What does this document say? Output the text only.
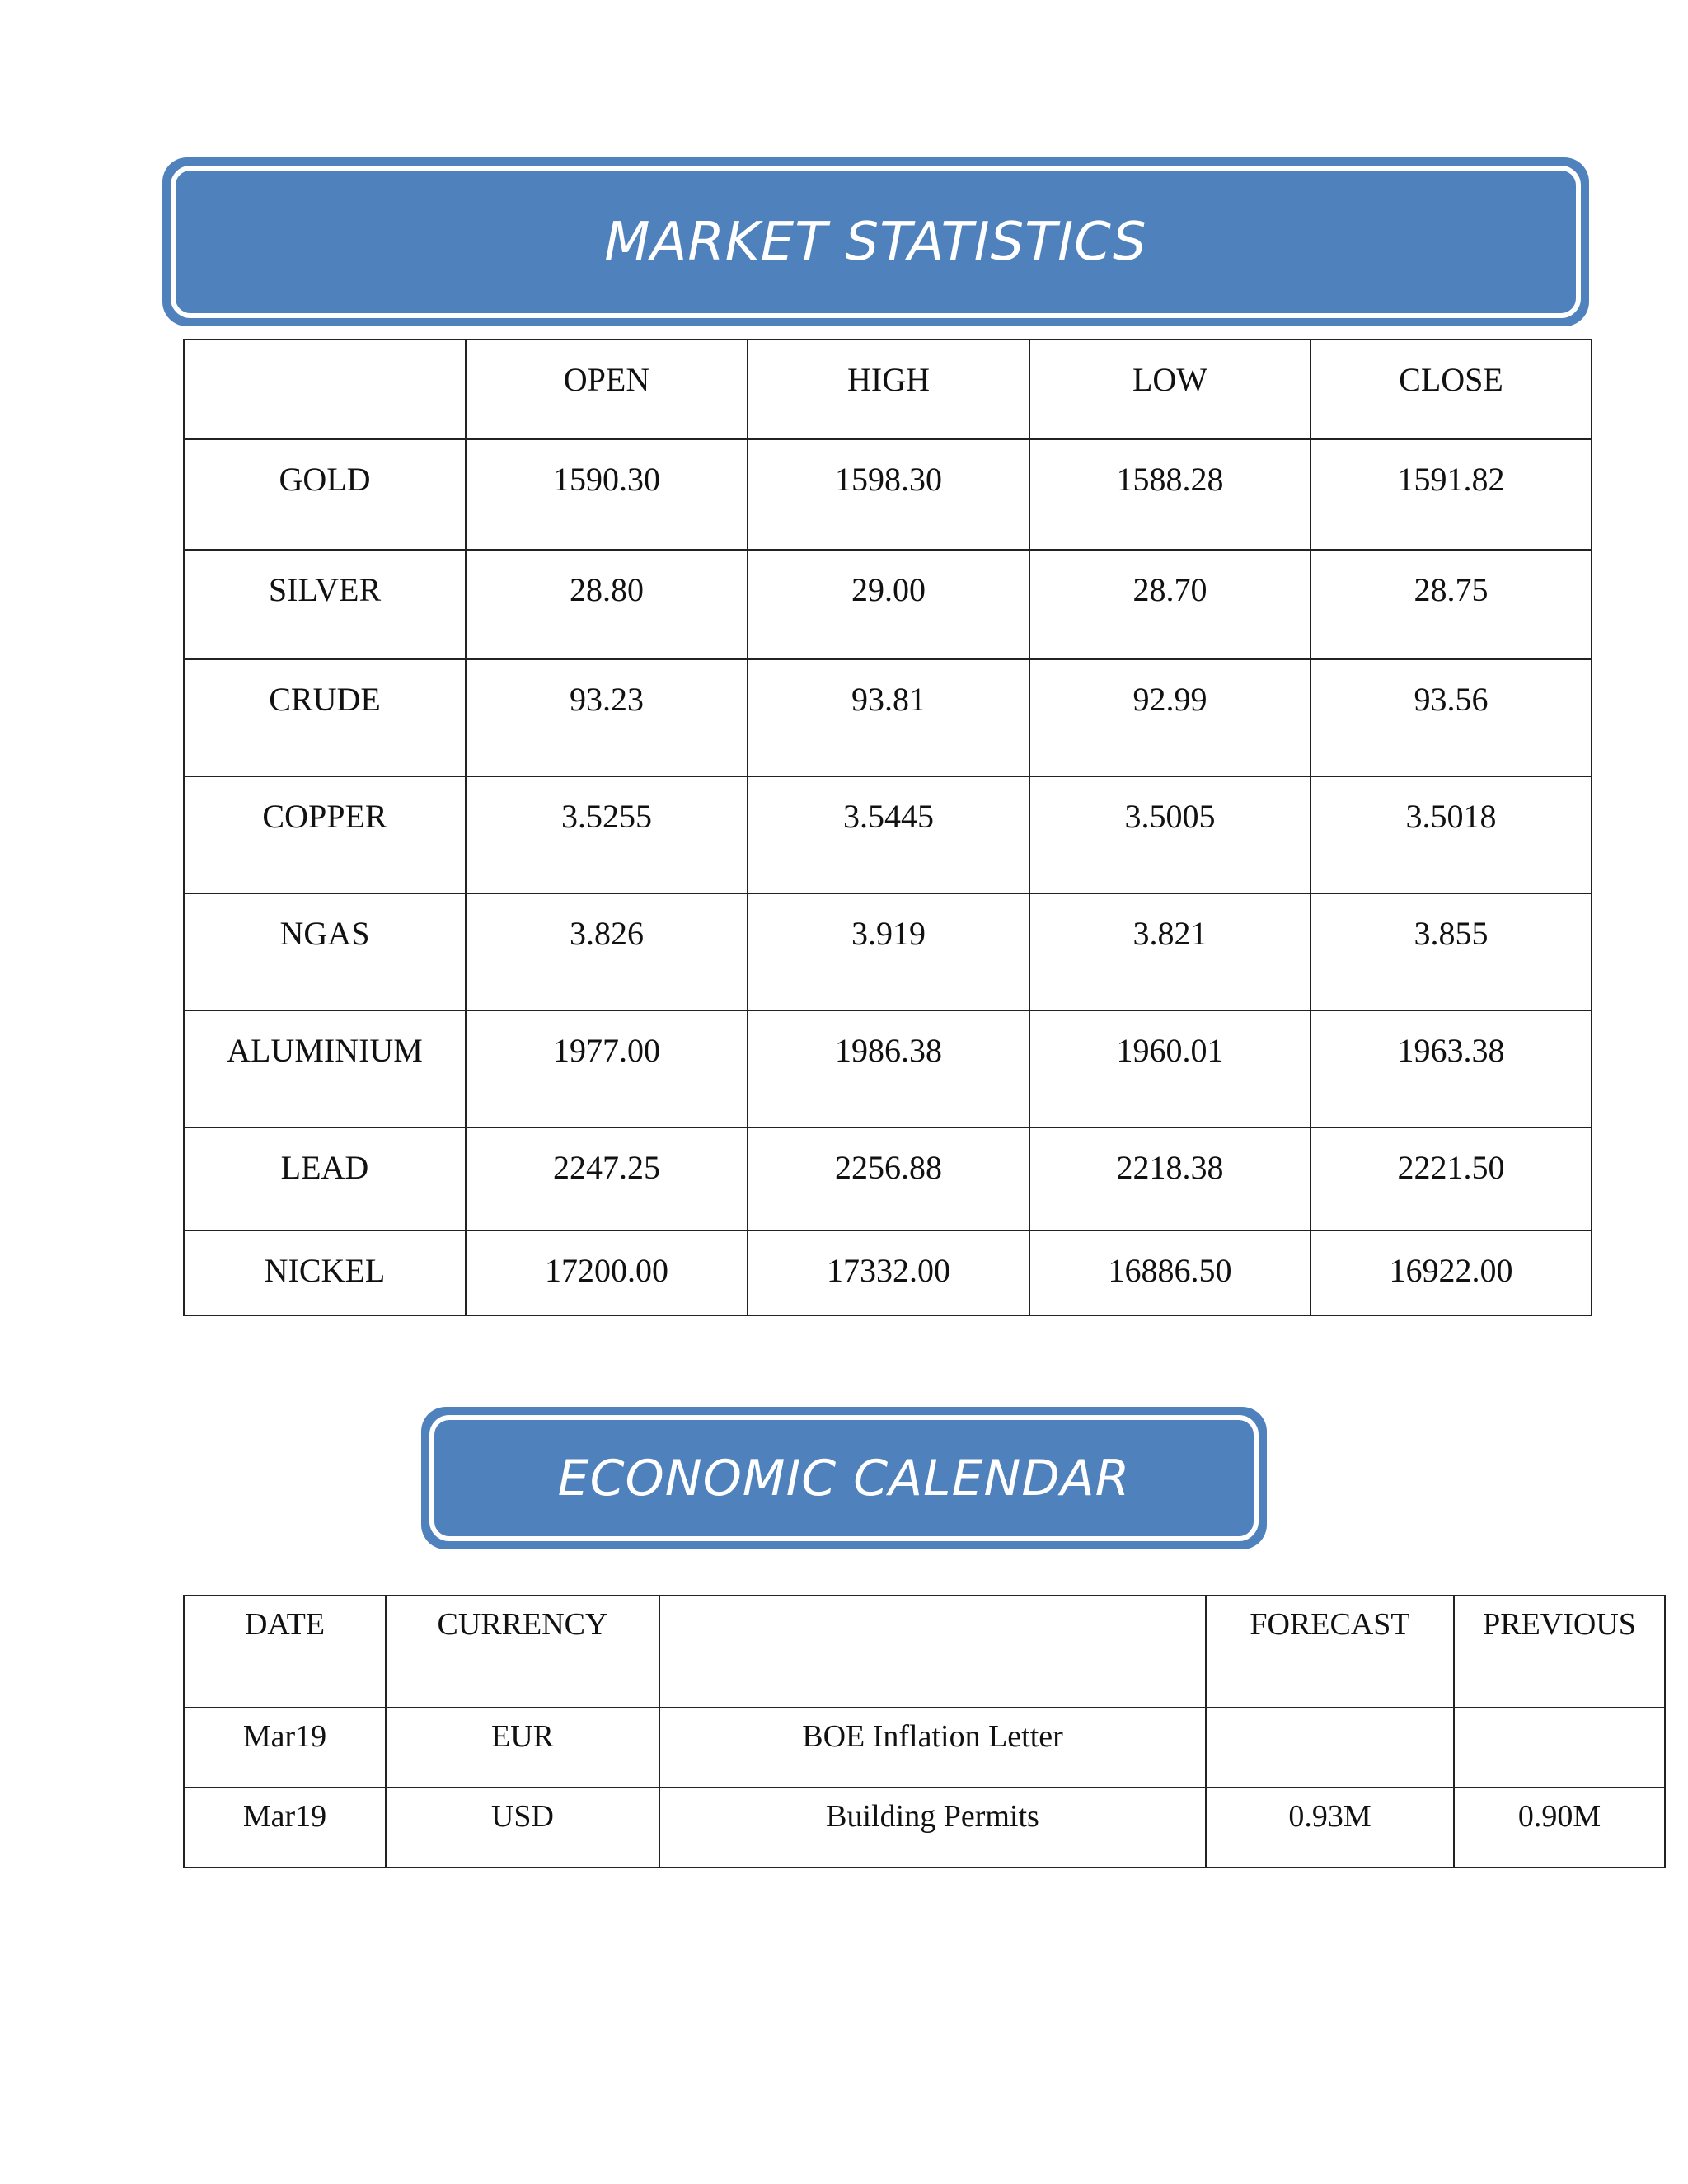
MARKET STATISTICS
	OPEN	HIGH	LOW	CLOSE
GOLD	1590.30	1598.30	1588.28	1591.82
SILVER	28.80	29.00	28.70	28.75
CRUDE	93.23	93.81	92.99	93.56
COPPER	3.5255	3.5445	3.5005	3.5018
NGAS	3.826	3.919	3.821	3.855
ALUMINIUM	1977.00	1986.38	1960.01	1963.38
LEAD	2247.25	2256.88	2218.38	2221.50
NICKEL	17200.00	17332.00	16886.50	16922.00
ECONOMIC CALENDAR
DATE	CURRENCY		FORECAST	PREVIOUS
Mar19	EUR	BOE Inflation Letter		
Mar19	USD	Building Permits	0.93M	0.90M
